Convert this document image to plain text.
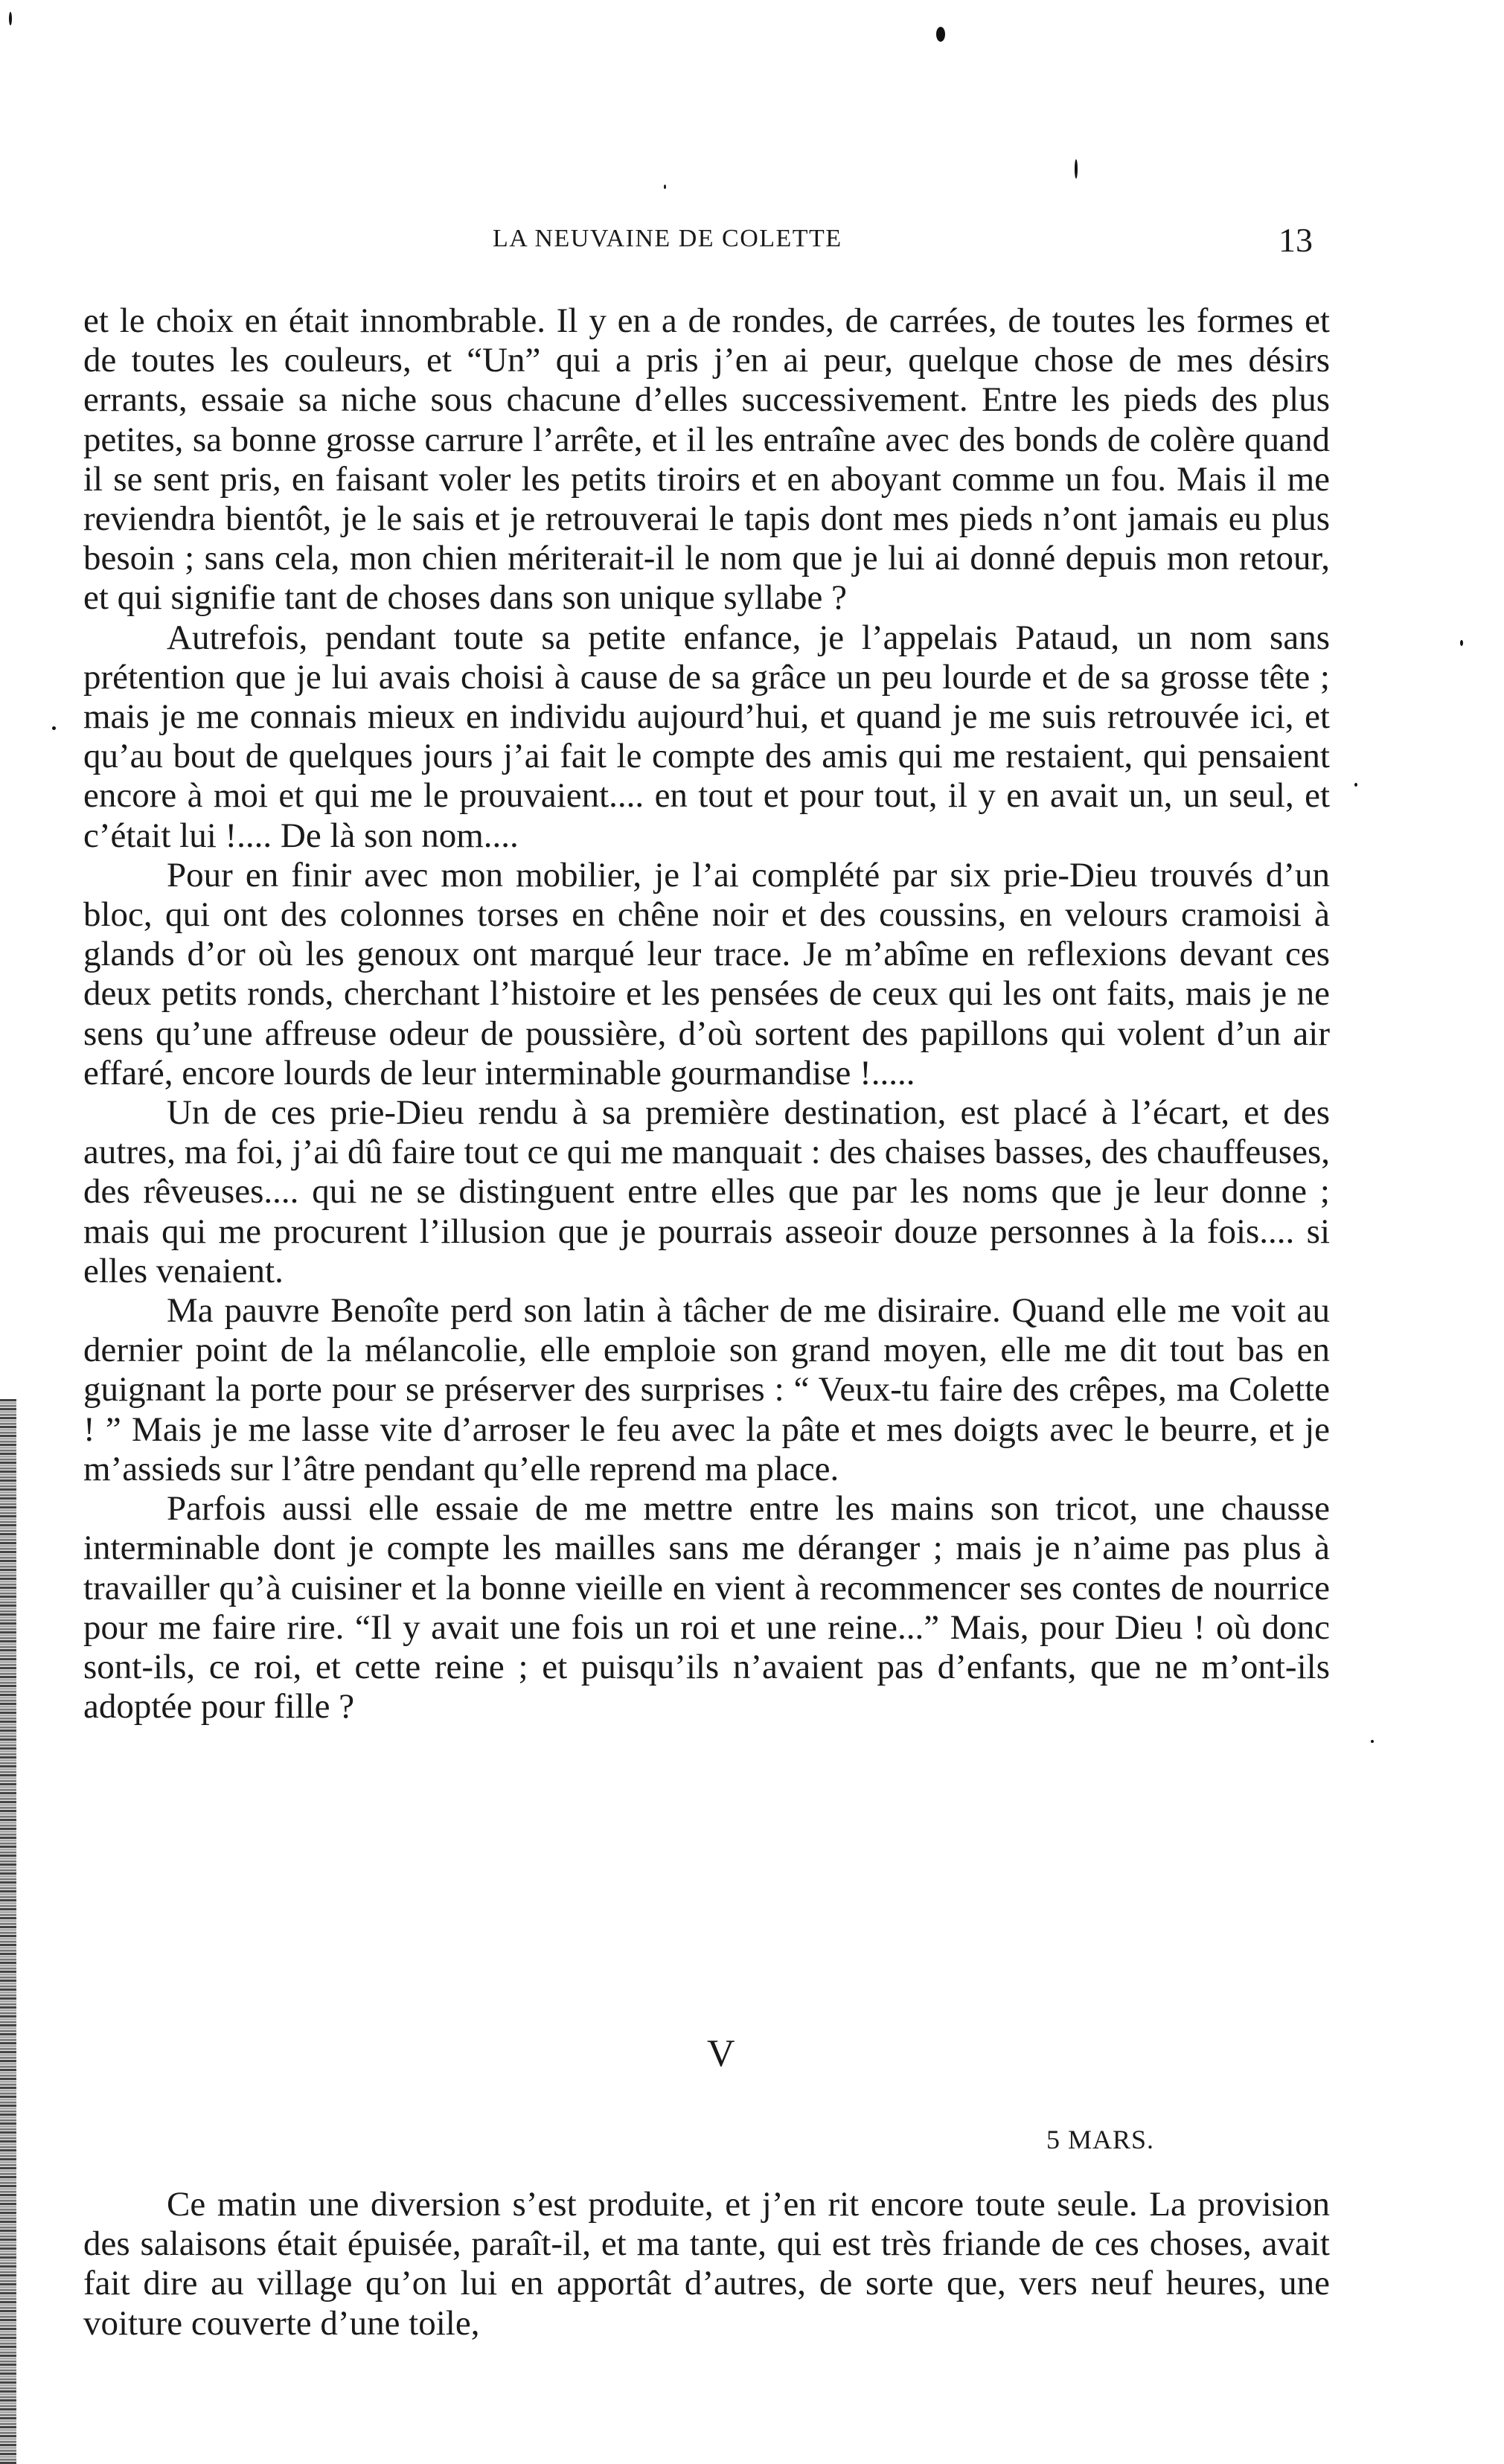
LA NEUVAINE DE COLETTE	13

et le choix en était innombrable. Il y en a de rondes, de carrées, de toutes les formes et de toutes les couleurs, et “Un” qui a pris j’en ai peur, quelque chose de mes désirs errants, essaie sa niche sous chacune d’elles successivement. Entre les pieds des plus petites, sa bonne grosse carrure l’arrête, et il les entraîne avec des bonds de colère quand il se sent pris, en faisant voler les petits tiroirs et en aboyant comme un fou. Mais il me reviendra bientôt, je le sais et je retrouverai le tapis dont mes pieds n’ont jamais eu plus besoin ; sans cela, mon chien mériterait-il le nom que je lui ai donné depuis mon retour, et qui signifie tant de choses dans son unique syllabe ?

Autrefois, pendant toute sa petite enfance, je l’appelais Pataud, un nom sans prétention que je lui avais choisi à cause de sa grâce un peu lourde et de sa grosse tête ; mais je me connais mieux en individu aujourd’hui, et quand je me suis retrouvée ici, et qu’au bout de quelques jours j’ai fait le compte des amis qui me restaient, qui pensaient encore à moi et qui me le prouvaient.... en tout et pour tout, il y en avait un, un seul, et c’était lui !.... De là son nom....

Pour en finir avec mon mobilier, je l’ai complété par six prie-Dieu trouvés d’un bloc, qui ont des colonnes torses en chêne noir et des coussins, en velours cramoisi à glands d’or où les genoux ont marqué leur trace. Je m’abîme en reflexions devant ces deux petits ronds, cherchant l’histoire et les pensées de ceux qui les ont faits, mais je ne sens qu’une affreuse odeur de poussière, d’où sortent des papillons qui volent d’un air effaré, encore lourds de leur interminable gourmandise !.....

Un de ces prie-Dieu rendu à sa première destination, est placé à l’écart, et des autres, ma foi, j’ai dû faire tout ce qui me manquait : des chaises basses, des chauffeuses, des rêveuses.... qui ne se distinguent entre elles que par les noms que je leur donne ; mais qui me procurent l’illusion que je pourrais asseoir douze personnes à la fois.... si elles venaient.

Ma pauvre Benoîte perd son latin à tâcher de me disiraire. Quand elle me voit au dernier point de la mélancolie, elle emploie son grand moyen, elle me dit tout bas en guignant la porte pour se préserver des surprises : “ Veux-tu faire des crêpes, ma Colette ! ” Mais je me lasse vite d’arroser le feu avec la pâte et mes doigts avec le beurre, et je m’assieds sur l’âtre pendant qu’elle reprend ma place.

Parfois aussi elle essaie de me mettre entre les mains son tricot, une chausse interminable dont je compte les mailles sans me déranger ; mais je n’aime pas plus à travailler qu’à cuisiner et la bonne vieille en vient à recommencer ses contes de nourrice pour me faire rire. “Il y avait une fois un roi et une reine...” Mais, pour Dieu ! où donc sont-ils, ce roi, et cette reine ; et puisqu’ils n’avaient pas d’enfants, que ne m’ont-ils adoptée pour fille ?

V
5 MARS.

Ce matin une diversion s’est produite, et j’en rit encore toute seule. La provision des salaisons était épuisée, paraît-il, et ma tante, qui est très friande de ces choses, avait fait dire au village qu’on lui en apportât d’autres, de sorte que, vers neuf heures, une voiture couverte d’une toile,
